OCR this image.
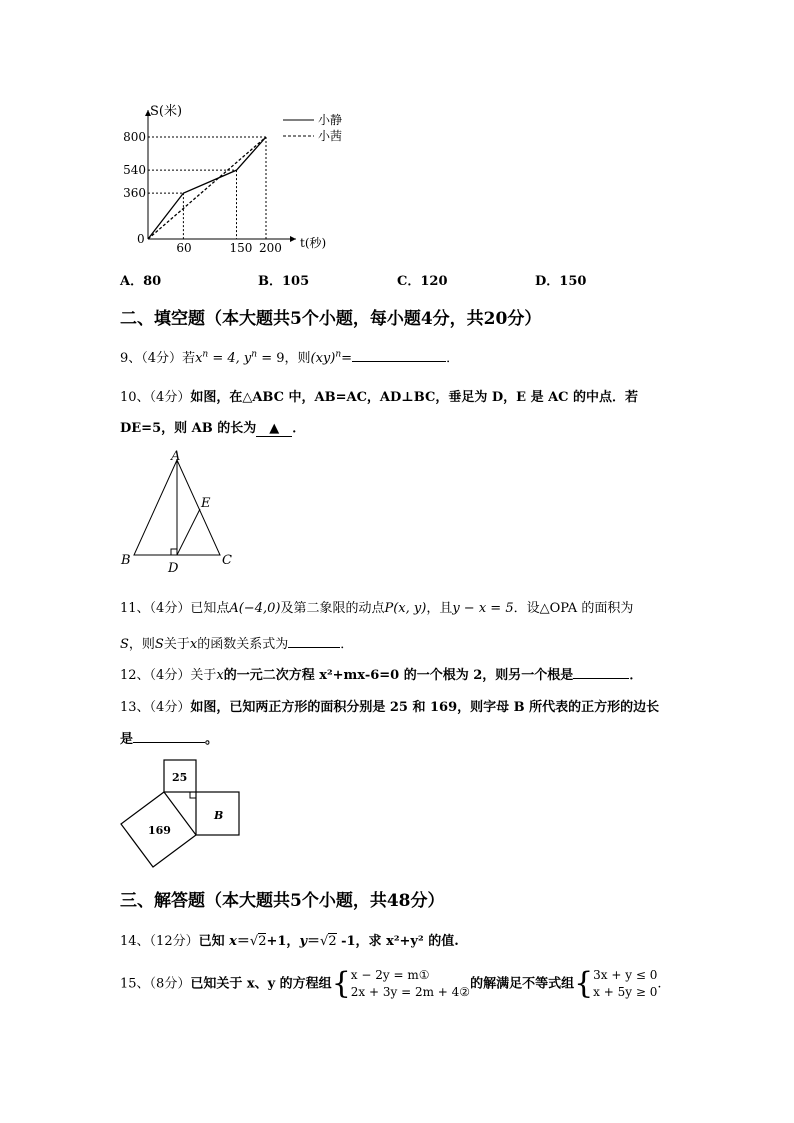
60	150 200
360
540
800
S(米)
t(秒)
0
小静
小茜
A．80	B．105	C．120	D．150
二、填空题（本大题共5个小题，每小题4分，共20分）
9、（4分）若$x^n = 4$, $y^n = 9$，则(xy)$^n$=	．
10、（4分）如图，在△ABC 中，AB=AC，AD⊥BC，垂足为 D，E 是 AC 的中点．若
DE=5，则 AB 的长为 ▲ ．
A
B	C
D
E
11、（4分）已知点A(−4,0)及第二象限的动点P(x, y)，且y − x = 5．设△OPA 的面积为
S，则S关于x的函数关系式为	．
12、（4分）关于x的一元二次方程 x²+mx-6=0 的一个根为 2，则另一个根是	．
13、（4分）如图，已知两正方形的面积分别是 25 和 169，则字母 B 所代表的正方形的边长
是	。
25
169
B
三、解答题（本大题共5个小题，共48分）
14、（12分）已知 x＝√2+1，y＝√2 -1，求 x²+y² 的值.
15、（8分）已知关于 x、y 的方程组{ x − 2y = m①
2x + 3y = 2m + 4②
的解满足不等式组{ 3x + y ≤ 0
x + 5y ≥ 0
.
